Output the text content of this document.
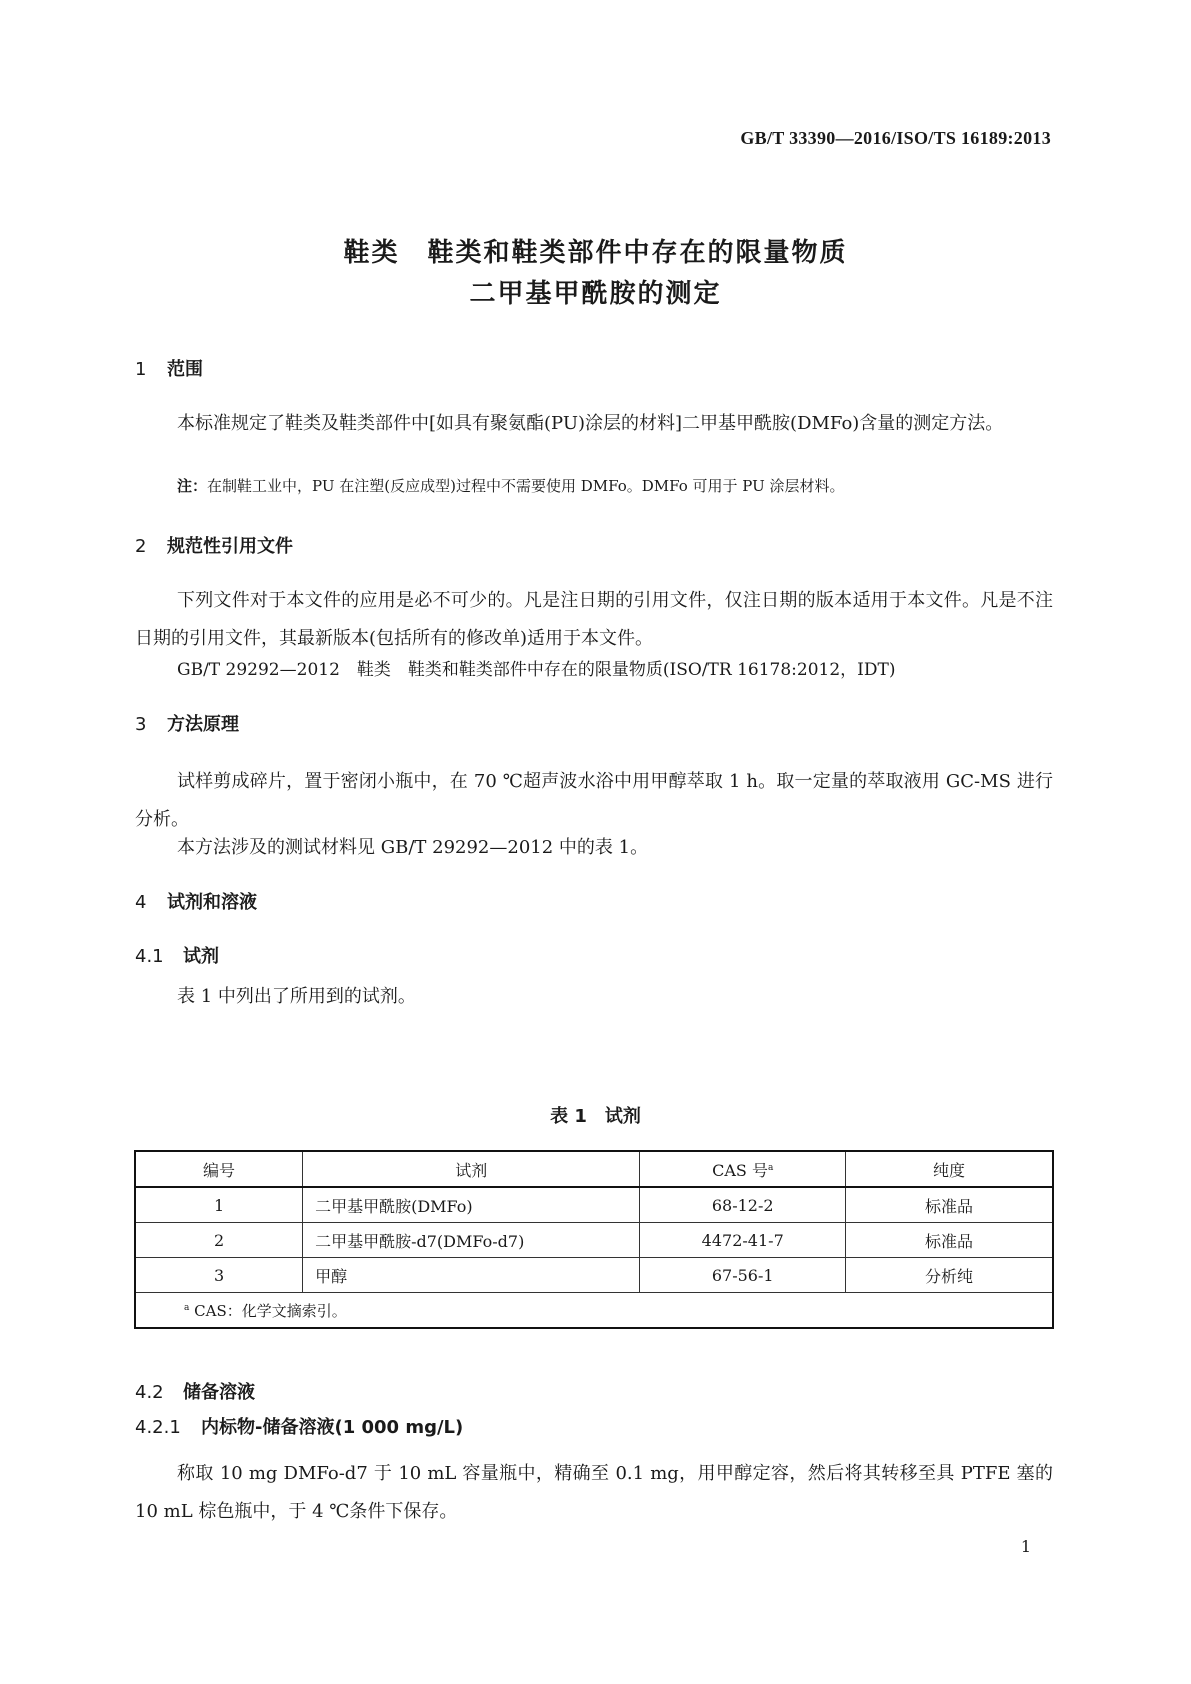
GB/T 33390—2016/ISO/TS 16189:2013
鞋类　鞋类和鞋类部件中存在的限量物质
二甲基甲酰胺的测定
1 范围
本标准规定了鞋类及鞋类部件中[如具有聚氨酯(PU)涂层的材料]二甲基甲酰胺(DMFo)含量的测定方法。
注：在制鞋工业中，PU 在注塑(反应成型)过程中不需要使用 DMFo。DMFo 可用于 PU 涂层材料。
2 规范性引用文件
下列文件对于本文件的应用是必不可少的。凡是注日期的引用文件，仅注日期的版本适用于本文件。凡是不注日期的引用文件，其最新版本(包括所有的修改单)适用于本文件。
GB/T 29292—2012　鞋类　鞋类和鞋类部件中存在的限量物质(ISO/TR 16178:2012，IDT)
3 方法原理
试样剪成碎片，置于密闭小瓶中，在 70 ℃超声波水浴中用甲醇萃取 1 h。取一定量的萃取液用 GC-MS 进行分析。
本方法涉及的测试材料见 GB/T 29292—2012 中的表 1。
4 试剂和溶液
4.1 试剂
表 1 中列出了所用到的试剂。
表 1　试剂
编号	试剂	CAS 号$^a$	纯度
1	二甲基甲酰胺(DMFo)	68-12-2	标准品
2	二甲基甲酰胺-d7(DMFo-d7)	4472-41-7	标准品
3	甲醇	67-56-1	分析纯
$^a$ CAS：化学文摘索引。			
4.2 储备溶液
4.2.1 内标物-储备溶液(1 000 mg/L)
称取 10 mg DMFo-d7 于 10 mL 容量瓶中，精确至 0.1 mg，用甲醇定容，然后将其转移至具 PTFE 塞的 10 mL 棕色瓶中，于 4 ℃条件下保存。
1
